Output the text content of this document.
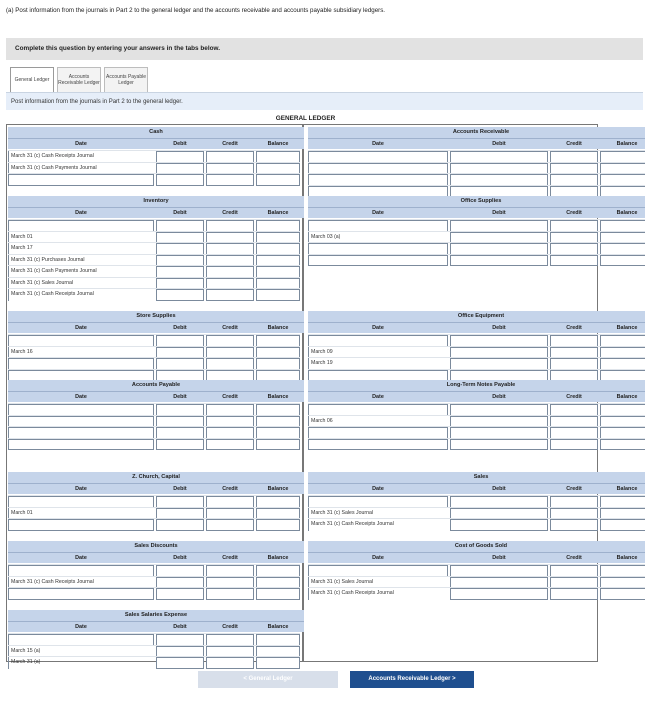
(a) Post information from the journals in Part 2 to the general ledger and the accounts receivable and accounts payable subsidiary ledgers.
Complete this question by entering your answers in the tabs below.
General Ledger	Accounts Receivable Ledger
Accounts Payable Ledger
Post information from the journals in Part 2 to the general ledger.
GENERAL LEDGER
Cash
Date	Debit	Credit	Balance
March 31 (c) Cash Receipts Journal
March 31 (c) Cash Payments Journal
Inventory
Date	Debit	Credit	Balance
March 01
March 17
March 31 (c) Purchases Journal
March 31 (c) Cash Payments Journal
March 31 (c) Sales Journal
March 31 (c) Cash Receipts Journal
Store Supplies
Date	Debit	Credit	Balance
March 16
Accounts Payable
Date	Debit	Credit	Balance
Z. Church, Capital
Date	Debit	Credit	Balance
March 01
Sales Discounts
Date	Debit	Credit	Balance
March 31 (c) Cash Receipts Journal
Sales Salaries Expense
Date	Debit	Credit	Balance
March 15 (a)
March 31 (a)
Accounts Receivable
Date	Debit	Credit	Balance
Office Supplies
Date	Debit	Credit	Balance
March 03 (a)
Office Equipment
Date	Debit	Credit	Balance
March 09
March 19
Long-Term Notes Payable
Date	Debit	Credit	Balance
March 06
Sales
Date	Debit	Credit	Balance
March 31 (c) Sales Journal
March 31 (c) Cash Receipts Journal
Cost of Goods Sold
Date	Debit	Credit	Balance
March 31 (c) Sales Journal
March 31 (c) Cash Receipts Journal
< General Ledger	Accounts Receivable Ledger >
